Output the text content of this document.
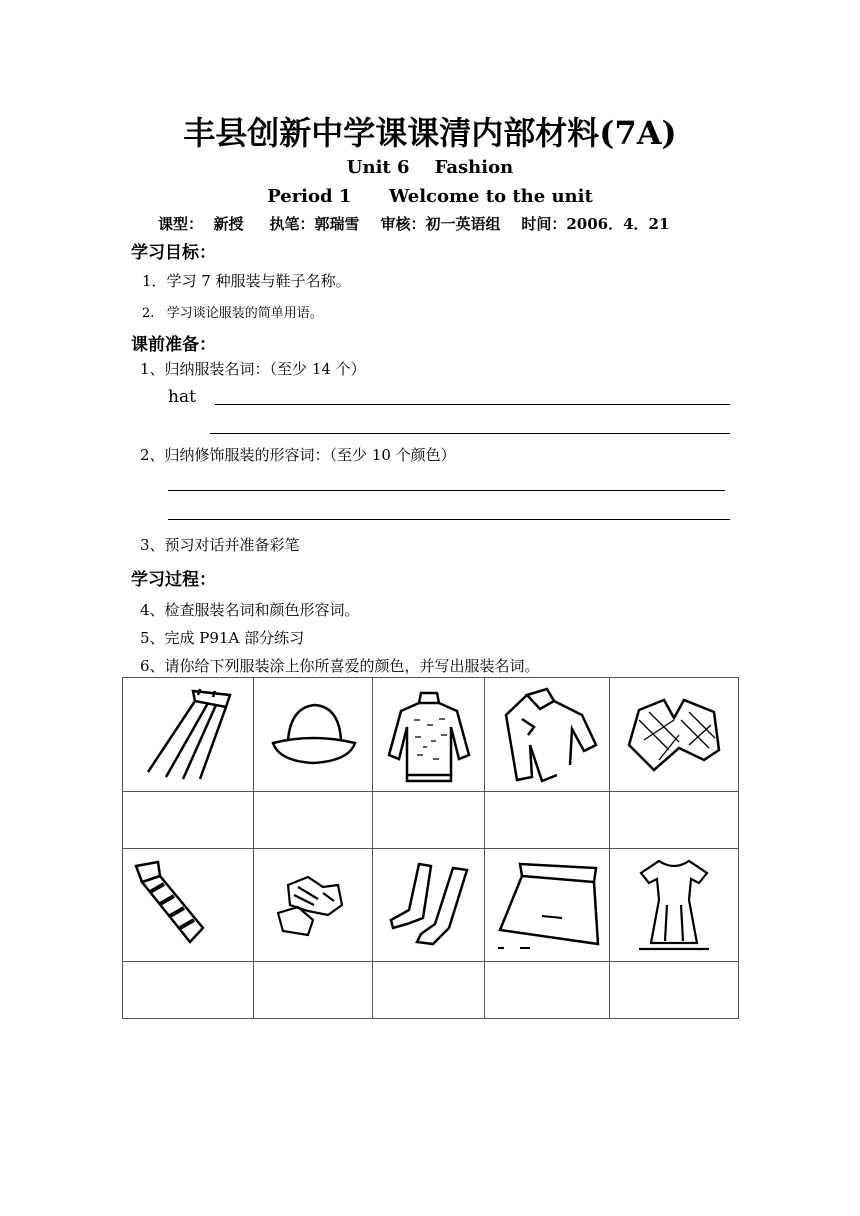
丰县创新中学课课清内部材料(7A)
Unit 6    Fashion
Period 1      Welcome to the unit
课型：  新授     执笔：郭瑞雪    审核：初一英语组    时间：2006．4．21
学习目标：
1．学习 7 种服装与鞋子名称。
2.   学习谈论服装的简单用语。
课前准备：
1、归纳服装名词：（至少 14 个）
hat
2、归纳修饰服装的形容词：（至少 10 个颜色）
3、预习对话并准备彩笔
学习过程：
4、检查服装名词和颜色形容词。
5、完成 P91A 部分练习
6、请你给下列服装涂上你所喜爱的颜色，并写出服装名词。
